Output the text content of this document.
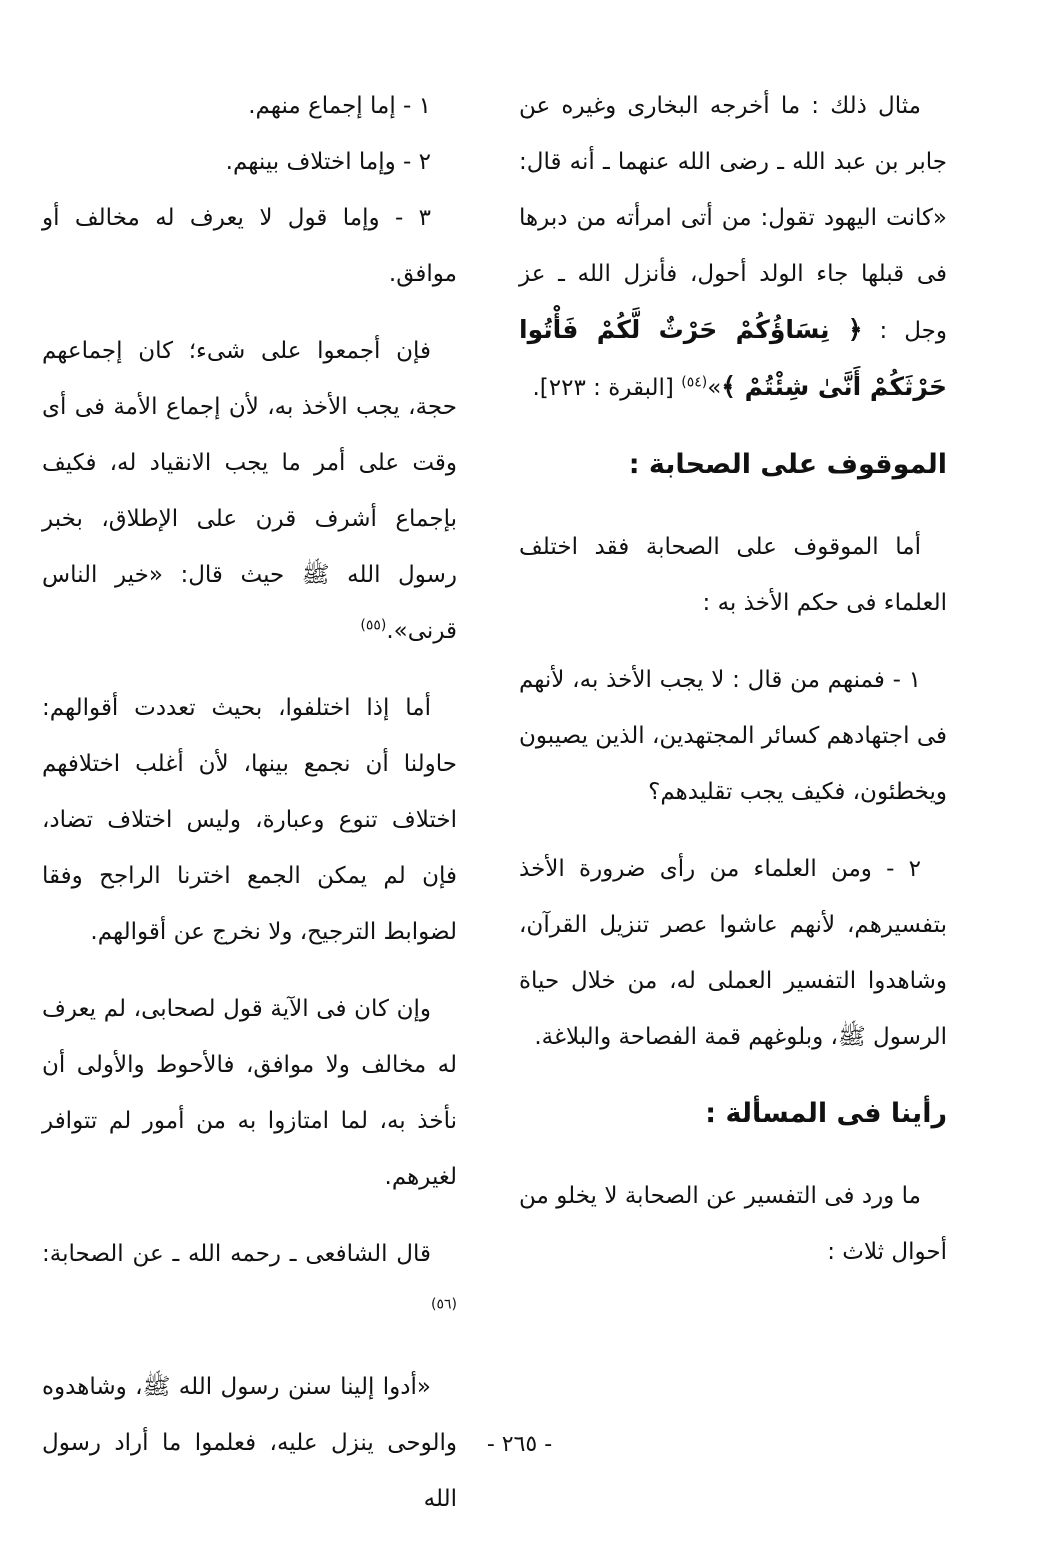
مثال ذلك : ما أخرجه البخارى وغيره عن جابر بن عبد الله ـ رضى الله عنهما ـ أنه قال: «كانت اليهود تقول: من أتى امرأته من دبرها فى قبلها جاء الولد أحول، فأنزل الله ـ عز وجل : ﴿ نِسَاؤُكُمْ حَرْثٌ لَّكُمْ فَأْتُوا حَرْثَكُمْ أَنَّىٰ شِئْتُمْ ﴾»$^{(٥٤)}$ [البقرة : ٢٢٣].

الموقوف على الصحابة :

أما الموقوف على الصحابة فقد اختلف العلماء فى حكم الأخذ به :

١ - فمنهم من قال : لا يجب الأخذ به، لأنهم فى اجتهادهم كسائر المجتهدين، الذين يصيبون ويخطئون، فكيف يجب تقليدهم؟

٢ - ومن العلماء من رأى ضرورة الأخذ بتفسيرهم، لأنهم عاشوا عصر تنزيل القرآن، وشاهدوا التفسير العملى له، من خلال حياة الرسول ﷺ، وبلوغهم قمة الفصاحة والبلاغة.

رأينا فى المسألة :

ما ورد فى التفسير عن الصحابة لا يخلو من أحوال ثلاث :

١ - إما إجماع منهم.

٢ - وإما اختلاف بينهم.

٣ - وإما قول لا يعرف له مخالف أو موافق.

فإن أجمعوا على شىء؛ كان إجماعهم حجة، يجب الأخذ به، لأن إجماع الأمة فى أى وقت على أمر ما يجب الانقياد له، فكيف بإجماع أشرف قرن على الإطلاق، بخبر رسول الله ﷺ حيث قال: «خير الناس قرنى».$^{(٥٥)}$

أما إذا اختلفوا، بحيث تعددت أقوالهم: حاولنا أن نجمع بينها، لأن أغلب اختلافهم اختلاف تنوع وعبارة، وليس اختلاف تضاد، فإن لم يمكن الجمع اخترنا الراجح وفقا لضوابط الترجيح، ولا نخرج عن أقوالهم.

وإن كان فى الآية قول لصحابى، لم يعرف له مخالف ولا موافق، فالأحوط والأولى أن نأخذ به، لما امتازوا به من أمور لم تتوافر لغيرهم.

قال الشافعى ـ رحمه الله ـ عن الصحابة:$^{(٥٦)}$

«أدوا إلينا سنن رسول الله ﷺ، وشاهدوه والوحى ينزل عليه، فعلموا ما أراد رسول الله

- ٢٦٥ -
